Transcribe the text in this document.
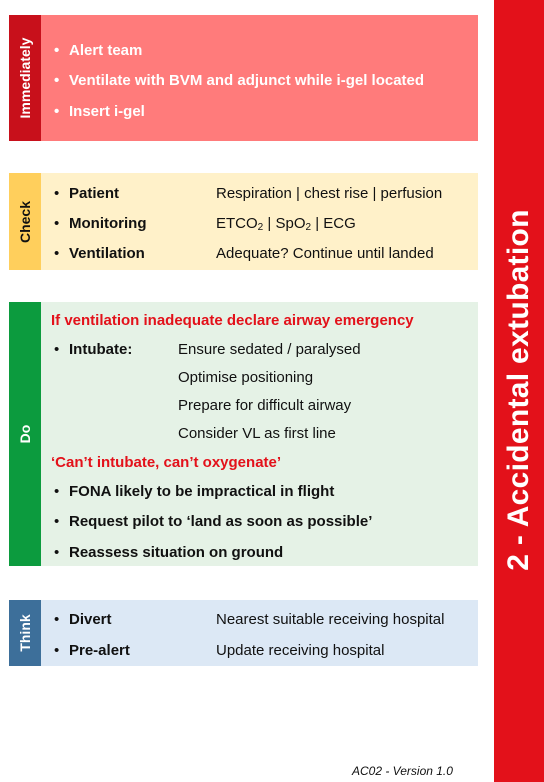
2 - Accidental extubation
Immediately • Alert team
• Ventilate with BVM and adjunct while i-gel located
• Insert i-gel
Check
• Patient	Respiration | chest rise | perfusion
• Monitoring	$ETCO_2$ | SpO$_2$ | ECG
• Ventilation	Adequate? Continue until landed
Do
If ventilation inadequate declare airway emergency
• Intubate:	Ensure sedated / paralysed
Optimise positioning
Prepare for difficult airway
Consider VL as first line
‘Can’t intubate, can’t oxygenate’
• FONA likely to be impractical in flight
• Request pilot to ‘land as soon as possible’
• Reassess situation on ground
Think • Divert	Nearest suitable receiving hospital
• Pre-alert	Update receiving hospital
AC02 - Version 1.0
